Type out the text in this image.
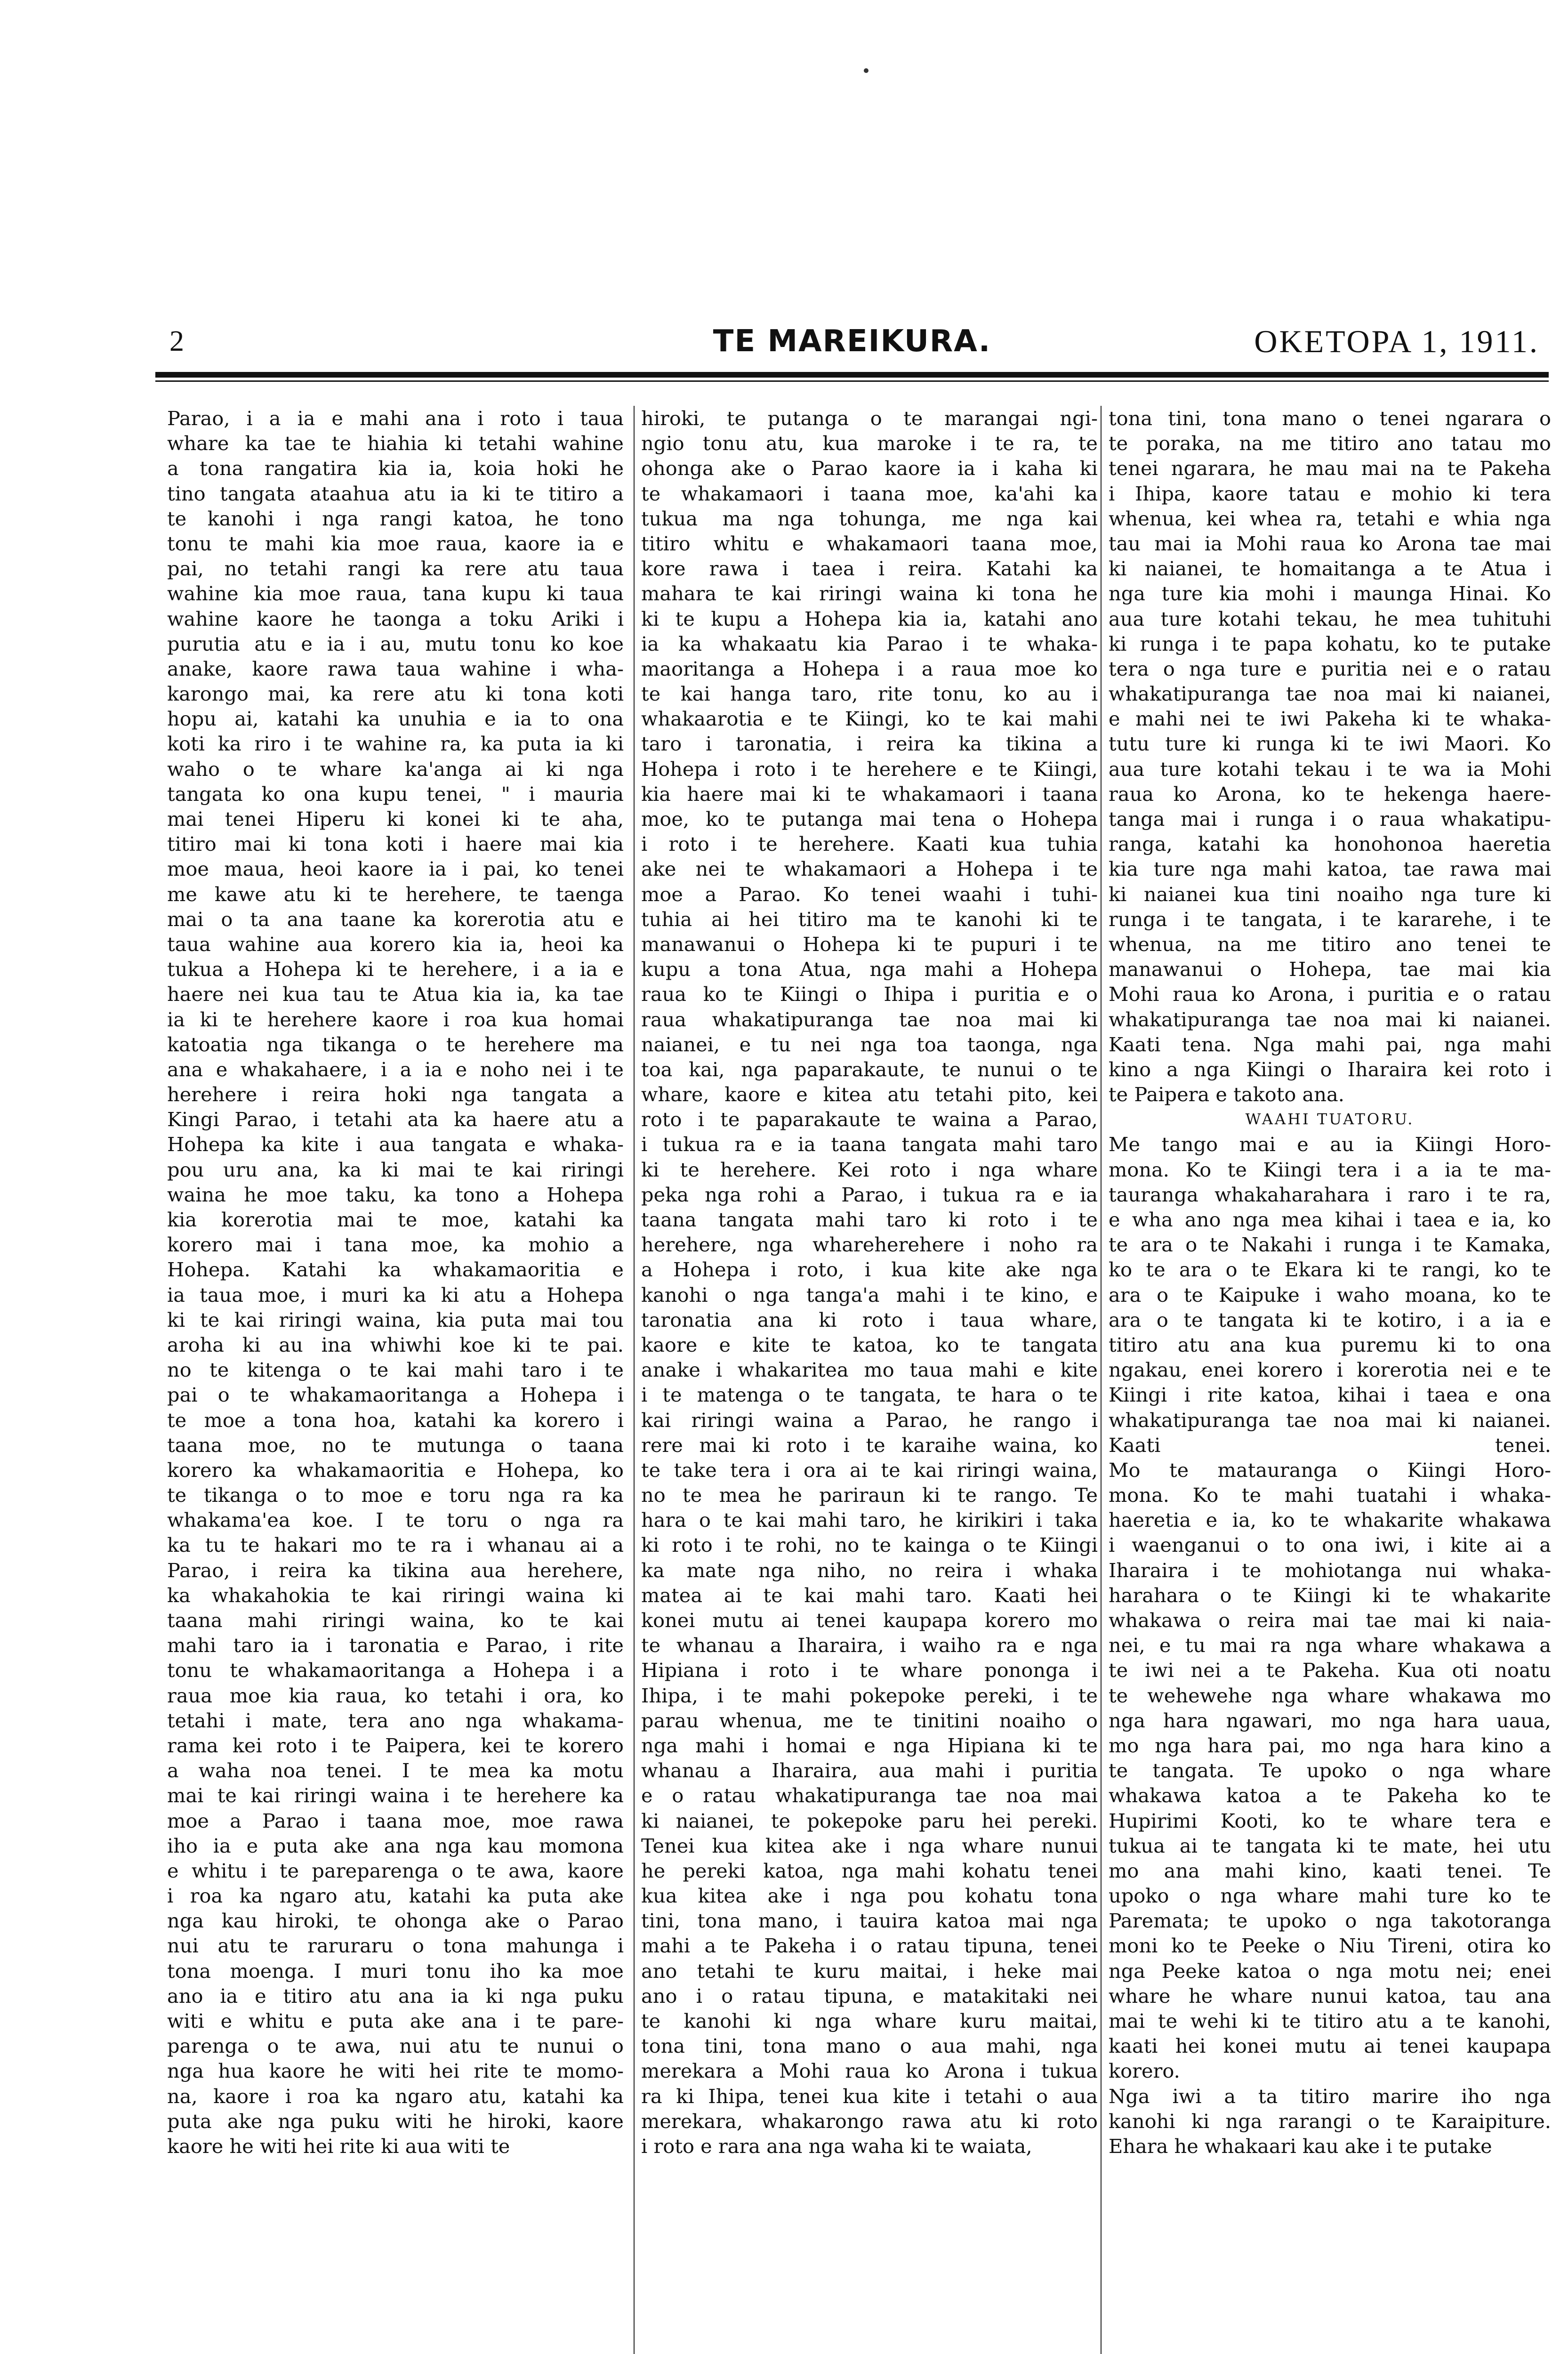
2	TE MAREIKURA.	OKETOPA 1, 1911.
Parao, i a ia e mahi ana i roto i taua
whare ka tae te hiahia ki tetahi wahine
a tona rangatira kia ia, koia hoki he
tino tangata ataahua atu ia ki te titiro a
te kanohi i nga rangi katoa, he tono
tonu te mahi kia moe raua, kaore ia e
pai, no tetahi rangi ka rere atu taua
wahine kia moe raua, tana kupu ki taua
wahine kaore he taonga a toku Ariki i
purutia atu e ia i au, mutu tonu ko koe
anake, kaore rawa taua wahine i wha-
karongo mai, ka rere atu ki tona koti
hopu ai, katahi ka unuhia e ia to ona
koti ka riro i te wahine ra, ka puta ia ki
waho o te whare ka'anga ai ki nga
tangata ko ona kupu tenei, " i mauria
mai tenei Hiperu ki konei ki te aha,
titiro mai ki tona koti i haere mai kia
moe maua, heoi kaore ia i pai, ko tenei
me kawe atu ki te herehere, te taenga
mai o ta ana taane ka korerotia atu e
taua wahine aua korero kia ia, heoi ka
tukua a Hohepa ki te herehere, i a ia e
haere nei kua tau te Atua kia ia, ka tae
ia ki te herehere kaore i roa kua homai
katoatia nga tikanga o te herehere ma
ana e whakahaere, i a ia e noho nei i te
herehere i reira hoki nga tangata a
Kingi Parao, i tetahi ata ka haere atu a
Hohepa ka kite i aua tangata e whaka-
pou uru ana, ka ki mai te kai riringi
waina he moe taku, ka tono a Hohepa
kia korerotia mai te moe, katahi ka
korero mai i tana moe, ka mohio a
Hohepa. Katahi ka whakamaoritia e
ia taua moe, i muri ka ki atu a Hohepa
ki te kai riringi waina, kia puta mai tou
aroha ki au ina whiwhi koe ki te pai.
no te kitenga o te kai mahi taro i te
pai o te whakamaoritanga a Hohepa i
te moe a tona hoa, katahi ka korero i
taana moe, no te mutunga o taana
korero ka whakamaoritia e Hohepa, ko
te tikanga o to moe e toru nga ra ka
whakama'ea koe. I te toru o nga ra
ka tu te hakari mo te ra i whanau ai a
Parao, i reira ka tikina aua herehere,
ka whakahokia te kai riringi waina ki
taana mahi riringi waina, ko te kai
mahi taro ia i taronatia e Parao, i rite
tonu te whakamaoritanga a Hohepa i a
raua moe kia raua, ko tetahi i ora, ko
tetahi i mate, tera ano nga whakama-
rama kei roto i te Paipera, kei te korero
a waha noa tenei. I te mea ka motu
mai te kai riringi waina i te herehere ka
moe a Parao i taana moe, moe rawa
iho ia e puta ake ana nga kau momona
e whitu i te pareparenga o te awa, kaore
i roa ka ngaro atu, katahi ka puta ake
nga kau hiroki, te ohonga ake o Parao
nui atu te raruraru o tona mahunga i
tona moenga. I muri tonu iho ka moe
ano ia e titiro atu ana ia ki nga puku
witi e whitu e puta ake ana i te pare-
parenga o te awa, nui atu te nunui o
nga hua kaore he witi hei rite te momo-
na, kaore i roa ka ngaro atu, katahi ka
puta ake nga puku witi he hiroki, kaore
kaore he witi hei rite ki aua witi te
hiroki, te putanga o te marangai ngi-
ngio tonu atu, kua maroke i te ra, te
ohonga ake o Parao kaore ia i kaha ki
te whakamaori i taana moe, ka'ahi ka
tukua ma nga tohunga, me nga kai
titiro whitu e whakamaori taana moe,
kore rawa i taea i reira. Katahi ka
mahara te kai riringi waina ki tona he
ki te kupu a Hohepa kia ia, katahi ano
ia ka whakaatu kia Parao i te whaka-
maoritanga a Hohepa i a raua moe ko
te kai hanga taro, rite tonu, ko au i
whakaarotia e te Kiingi, ko te kai mahi
taro i taronatia, i reira ka tikina a
Hohepa i roto i te herehere e te Kiingi,
kia haere mai ki te whakamaori i taana
moe, ko te putanga mai tena o Hohepa
i roto i te herehere. Kaati kua tuhia
ake nei te whakamaori a Hohepa i te
moe a Parao. Ko tenei waahi i tuhi-
tuhia ai hei titiro ma te kanohi ki te
manawanui o Hohepa ki te pupuri i te
kupu a tona Atua, nga mahi a Hohepa
raua ko te Kiingi o Ihipa i puritia e o
raua whakatipuranga tae noa mai ki
naianei, e tu nei nga toa taonga, nga
toa kai, nga paparakaute, te nunui o te
whare, kaore e kitea atu tetahi pito, kei
roto i te paparakaute te waina a Parao,
i tukua ra e ia taana tangata mahi taro
ki te herehere. Kei roto i nga whare
peka nga rohi a Parao, i tukua ra e ia
taana tangata mahi taro ki roto i te
herehere, nga whareherehere i noho ra
a Hohepa i roto, i kua kite ake nga
kanohi o nga tanga'a mahi i te kino, e
taronatia ana ki roto i taua whare,
kaore e kite te katoa, ko te tangata
anake i whakaritea mo taua mahi e kite
i te matenga o te tangata, te hara o te
kai riringi waina a Parao, he rango i
rere mai ki roto i te karaihe waina, ko
te take tera i ora ai te kai riringi waina,
no te mea he pariraun ki te rango. Te
hara o te kai mahi taro, he kirikiri i taka
ki roto i te rohi, no te kainga o te Kiingi
ka mate nga niho, no reira i whaka
matea ai te kai mahi taro. Kaati hei
konei mutu ai tenei kaupapa korero mo
te whanau a Iharaira, i waiho ra e nga
Hipiana i roto i te whare pononga i
Ihipa, i te mahi pokepoke pereki, i te
parau whenua, me te tinitini noaiho o
nga mahi i homai e nga Hipiana ki te
whanau a Iharaira, aua mahi i puritia
e o ratau whakatipuranga tae noa mai
ki naianei, te pokepoke paru hei pereki.
Tenei kua kitea ake i nga whare nunui
he pereki katoa, nga mahi kohatu tenei
kua kitea ake i nga pou kohatu tona
tini, tona mano, i tauira katoa mai nga
mahi a te Pakeha i o ratau tipuna, tenei
ano tetahi te kuru maitai, i heke mai
ano i o ratau tipuna, e matakitaki nei
te kanohi ki nga whare kuru maitai,
tona tini, tona mano o aua mahi, nga
merekara a Mohi raua ko Arona i tukua
ra ki Ihipa, tenei kua kite i tetahi o aua
merekara, whakarongo rawa atu ki roto
i roto e rara ana nga waha ki te waiata,
tona tini, tona mano o tenei ngarara o
te poraka, na me titiro ano tatau mo
tenei ngarara, he mau mai na te Pakeha
i Ihipa, kaore tatau e mohio ki tera
whenua, kei whea ra, tetahi e whia nga
tau mai ia Mohi raua ko Arona tae mai
ki naianei, te homaitanga a te Atua i
nga ture kia mohi i maunga Hinai. Ko
aua ture kotahi tekau, he mea tuhituhi
ki runga i te papa kohatu, ko te putake
tera o nga ture e puritia nei e o ratau
whakatipuranga tae noa mai ki naianei,
e mahi nei te iwi Pakeha ki te whaka-
tutu ture ki runga ki te iwi Maori. Ko
aua ture kotahi tekau i te wa ia Mohi
raua ko Arona, ko te hekenga haere-
tanga mai i runga i o raua whakatipu-
ranga, katahi ka honohonoa haeretia
kia ture nga mahi katoa, tae rawa mai
ki naianei kua tini noaiho nga ture ki
runga i te tangata, i te kararehe, i te
whenua, na me titiro ano tenei te
manawanui o Hohepa, tae mai kia
Mohi raua ko Arona, i puritia e o ratau
whakatipuranga tae noa mai ki naianei.
Kaati tena. Nga mahi pai, nga mahi
kino a nga Kiingi o Iharaira kei roto i
te Paipera e takoto ana.
WAAHI TUATORU.
Me tango mai e au ia Kiingi Horo-
mona. Ko te Kiingi tera i a ia te ma-
tauranga whakaharahara i raro i te ra,
e wha ano nga mea kihai i taea e ia, ko
te ara o te Nakahi i runga i te Kamaka,
ko te ara o te Ekara ki te rangi, ko te
ara o te Kaipuke i waho moana, ko te
ara o te tangata ki te kotiro, i a ia e
titiro atu ana kua puremu ki to ona
ngakau, enei korero i korerotia nei e te
Kiingi i rite katoa, kihai i taea e ona
whakatipuranga tae noa mai ki naianei.
Kaati tenei.
Mo te matauranga o Kiingi Horo-
mona. Ko te mahi tuatahi i whaka-
haeretia e ia, ko te whakarite whakawa
i waenganui o to ona iwi, i kite ai a
Iharaira i te mohiotanga nui whaka-
harahara o te Kiingi ki te whakarite
whakawa o reira mai tae mai ki naia-
nei, e tu mai ra nga whare whakawa a
te iwi nei a te Pakeha. Kua oti noatu
te wehewehe nga whare whakawa mo
nga hara ngawari, mo nga hara uaua,
mo nga hara pai, mo nga hara kino a
te tangata. Te upoko o nga whare
whakawa katoa a te Pakeha ko te
Hupirimi Kooti, ko te whare tera e
tukua ai te tangata ki te mate, hei utu
mo ana mahi kino, kaati tenei. Te
upoko o nga whare mahi ture ko te
Paremata; te upoko o nga takotoranga
moni ko te Peeke o Niu Tireni, otira ko
nga Peeke katoa o nga motu nei; enei
whare he whare nunui katoa, tau ana
mai te wehi ki te titiro atu a te kanohi,
kaati hei konei mutu ai tenei kaupapa
korero.
Nga iwi a ta titiro marire iho nga
kanohi ki nga rarangi o te Karaipiture.
Ehara he whakaari kau ake i te putake
